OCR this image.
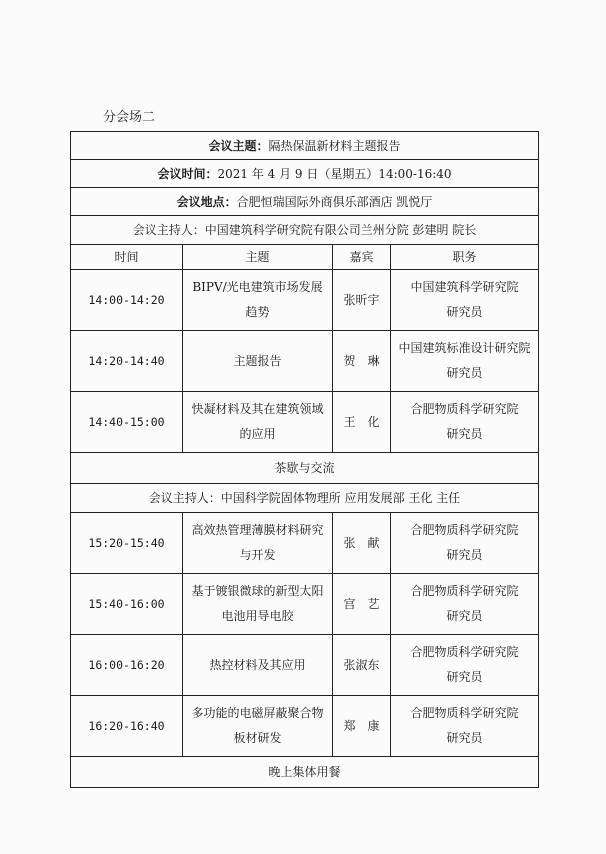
分会场二
会议主题：隔热保温新材料主题报告			
会议时间：2021 年 4 月 9 日（星期五）14:00-16:40			
会议地点：合肥恒瑞国际外商俱乐部酒店 凯悦厅			
会议主持人：中国建筑科学研究院有限公司兰州分院 彭建明 院长			
时间	主题	嘉宾	职务
14:00-14:20	BIPV/光电建筑市场发展趋势	张昕宇	中国建筑科学研究院
研究员
14:20-14:40	主题报告	贺　琳	中国建筑标准设计研究院
研究员
14:40-15:00	快凝材料及其在建筑领域的应用	王　化	合肥物质科学研究院
研究员
茶歇与交流			
会议主持人：中国科学院固体物理所 应用发展部 王化 主任			
15:20-15:40	高效热管理薄膜材料研究与开发	张　献	合肥物质科学研究院
研究员
15:40-16:00	基于镀银微球的新型太阳电池用导电胶	宫　艺	合肥物质科学研究院
研究员
16:00-16:20	热控材料及其应用	张淑东	合肥物质科学研究院
研究员
16:20-16:40	多功能的电磁屏蔽聚合物板材研发	郑　康	合肥物质科学研究院
研究员
晚上集体用餐			
